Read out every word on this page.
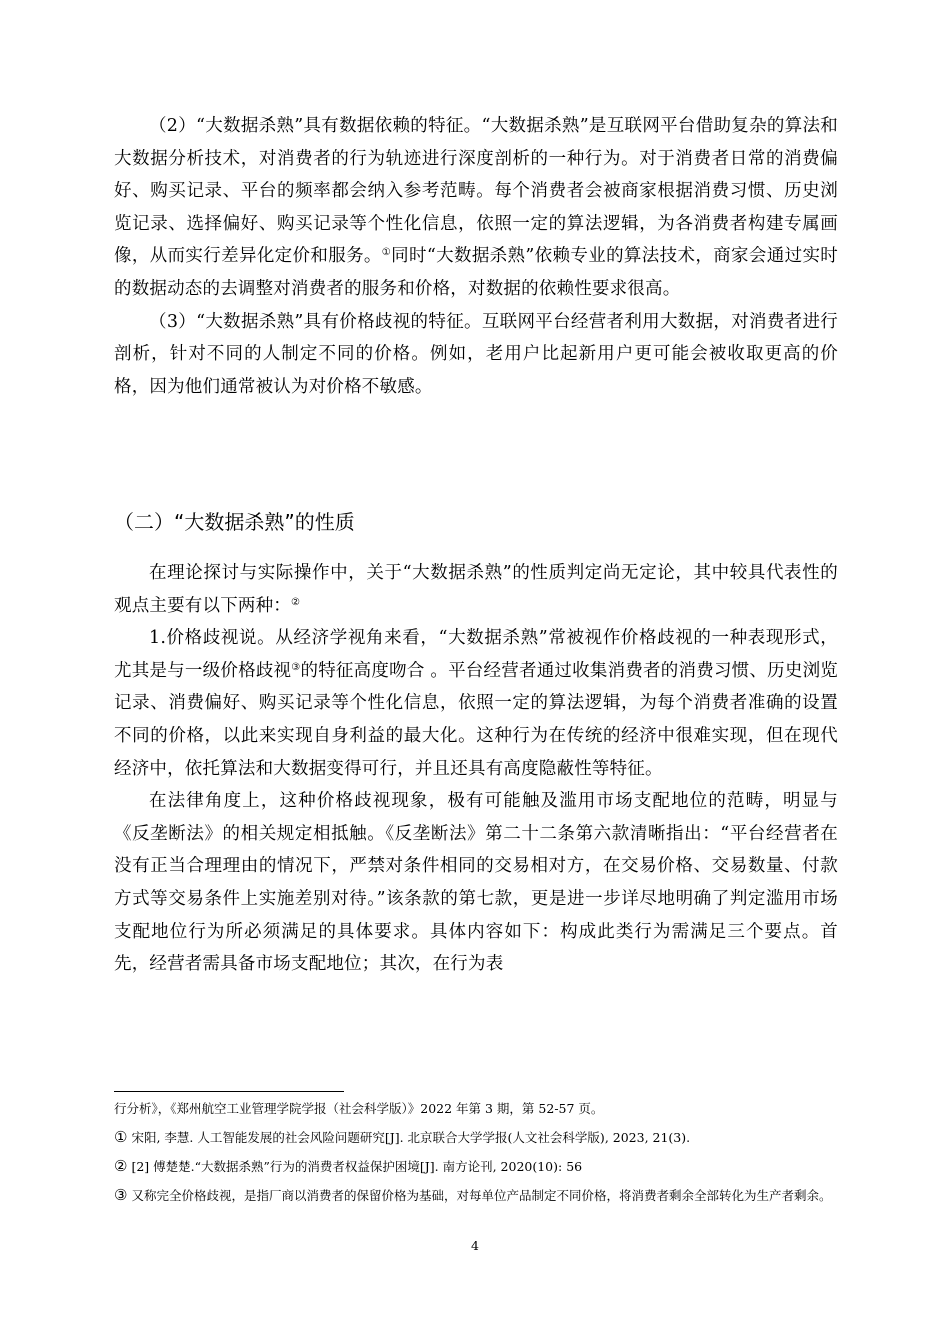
（2）“大数据杀熟”具有数据依赖的特征。“大数据杀熟”是互联网平台借助复杂的算法和大数据分析技术，对消费者的行为轨迹进行深度剖析的一种行为。对于消费者日常的消费偏好、购买记录、平台的频率都会纳入参考范畴。每个消费者会被商家根据消费习惯、历史浏览记录、选择偏好、购买记录等个性化信息，依照一定的算法逻辑，为各消费者构建专属画像，从而实行差异化定价和服务。①同时“大数据杀熟”依赖专业的算法技术，商家会通过实时的数据动态的去调整对消费者的服务和价格，对数据的依赖性要求很高。

（3）“大数据杀熟”具有价格歧视的特征。互联网平台经营者利用大数据，对消费者进行剖析，针对不同的人制定不同的价格。例如，老用户比起新用户更可能会被收取更高的价格，因为他们通常被认为对价格不敏感。

（二）“大数据杀熟”的性质

在理论探讨与实际操作中，关于“大数据杀熟”的性质判定尚无定论，其中较具代表性的观点主要有以下两种：②

1.价格歧视说。从经济学视角来看，“大数据杀熟”常被视作价格歧视的一种表现形式，尤其是与一级价格歧视③的特征高度吻合 。平台经营者通过收集消费者的消费习惯、历史浏览记录、消费偏好、购买记录等个性化信息，依照一定的算法逻辑，为每个消费者准确的设置不同的价格，以此来实现自身利益的最大化。这种行为在传统的经济中很难实现，但在现代经济中，依托算法和大数据变得可行，并且还具有高度隐蔽性等特征。

在法律角度上，这种价格歧视现象，极有可能触及滥用市场支配地位的范畴，明显与《反垄断法》的相关规定相抵触。《反垄断法》第二十二条第六款清晰指出：“平台经营者在没有正当合理理由的情况下，严禁对条件相同的交易相对方，在交易价格、交易数量、付款方式等交易条件上实施差别对待。”该条款的第七款，更是进一步详尽地明确了判定滥用市场支配地位行为所必须满足的具体要求。具体内容如下：构成此类行为需满足三个要点。首先，经营者需具备市场支配地位；其次，在行为表

行分析》，《郑州航空工业管理学院学报（社会科学版）》2022 年第 3 期，第 52-57 页。
① 宋阳, 李慧. 人工智能发展的社会风险问题研究[J]. 北京联合大学学报(人文社会科学版), 2023, 21(3).
② [2] 傅楚楚.“大数据杀熟”行为的消费者权益保护困境[J]. 南方论刊, 2020(10): 56
③ 又称完全价格歧视，是指厂商以消费者的保留价格为基础，对每单位产品制定不同价格，将消费者剩余全部转化为生产者剩余。
4
